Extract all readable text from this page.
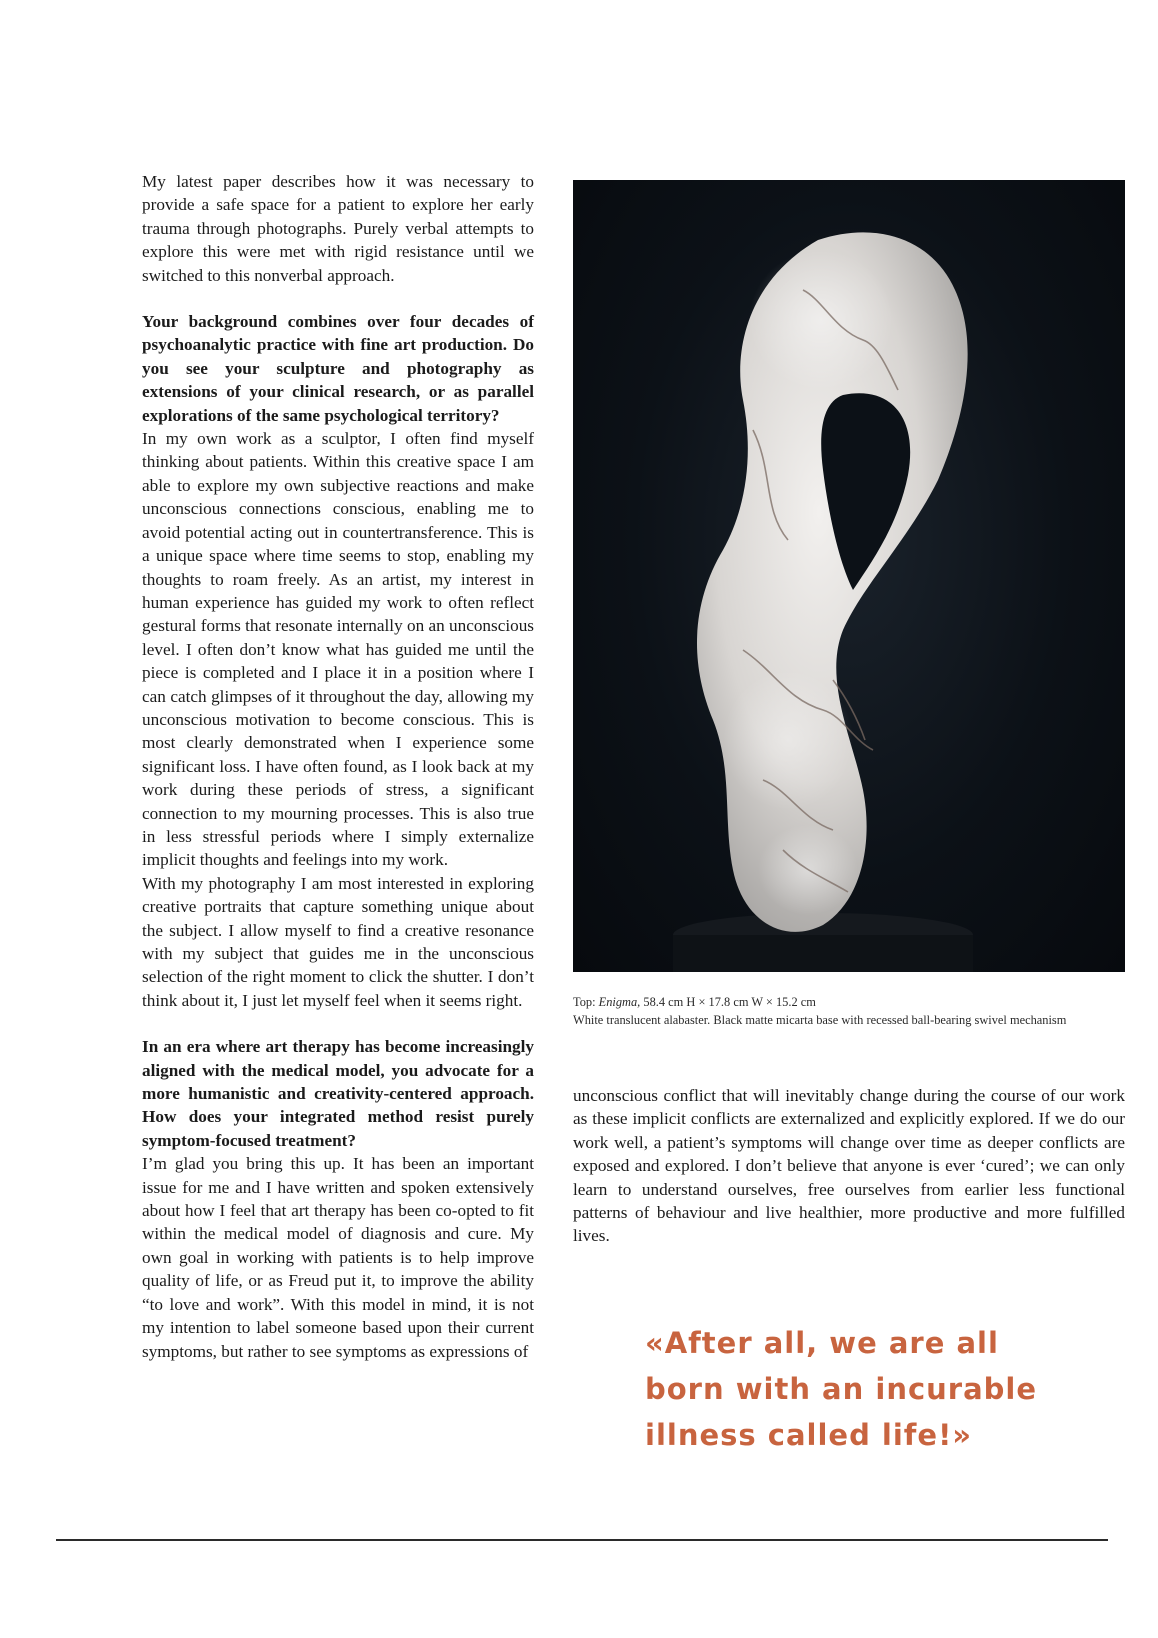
My latest paper describes how it was necessary to provide a safe space for a patient to explore her early trauma through photographs. Purely verbal attempts to explore this were met with rigid resistance until we switched to this nonverbal approach.

Your background combines over four decades of psychoanalytic practice with fine art production. Do you see your sculpture and photography as extensions of your clinical research, or as parallel explorations of the same psychological territory?

In my own work as a sculptor, I often find myself thinking about patients. Within this creative space I am able to explore my own subjective reactions and make unconscious connections conscious, enabling me to avoid potential acting out in countertransference. This is a unique space where time seems to stop, enabling my thoughts to roam freely. As an artist, my interest in human experience has guided my work to often reflect gestural forms that resonate internally on an unconscious level. I often don’t know what has guided me until the piece is completed and I place it in a position where I can catch glimpses of it throughout the day, allowing my unconscious motivation to become conscious. This is most clearly demonstrated when I experience some significant loss. I have often found, as I look back at my work during these periods of stress, a significant connection to my mourning processes. This is also true in less stressful periods where I simply externalize implicit thoughts and feelings into my work.

With my photography I am most interested in exploring creative portraits that capture something unique about the subject. I allow myself to find a creative resonance with my subject that guides me in the unconscious selection of the right moment to click the shutter. I don’t think about it, I just let myself feel when it seems right.

In an era where art therapy has become increasingly aligned with the medical model, you advocate for a more humanistic and creativity-centered approach. How does your integrated method resist purely symptom-focused treatment?

I’m glad you bring this up. It has been an important issue for me and I have written and spoken extensively about how I feel that art therapy has been co-opted to fit within the medical model of diagnosis and cure. My own goal in working with patients is to help improve quality of life, or as Freud put it, to improve the ability “to love and work”. With this model in mind, it is not my intention to label someone based upon their current symptoms, but rather to see symptoms as expressions of

Top: Enigma, 58.4 cm H × 17.8 cm W × 15.2 cm
White translucent alabaster. Black matte micarta base with recessed ball-bearing swivel mechanism

unconscious conflict that will inevitably change during the course of our work as these implicit conflicts are externalized and explicitly explored. If we do our work well, a patient’s symptoms will change over time as deeper conflicts are exposed and explored. I don’t believe that anyone is ever ‘cured’; we can only learn to understand ourselves, free ourselves from earlier less functional patterns of behaviour and live healthier, more productive and more fulfilled lives.

«After all, we are all
born with an incurable
illness called life!»
